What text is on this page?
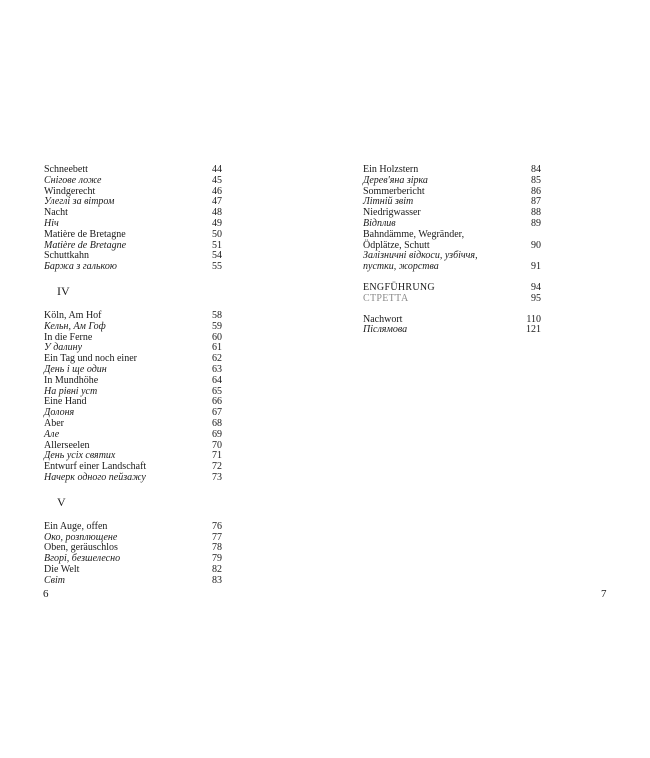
Schneebett	44
Сніговe ложе	45
Windgerecht	46
Улеглі за вітром	47
Nacht	48
Ніч	49
Matière de Bretagne	50
Matière de Bretagne	51
Schuttkahn	54
Баржа з галькою	55
IV
Köln, Am Hof	58
Кельн, Ам Гоф	59
In die Ferne	60
У далину	61
Ein Tag und noch einer	62
День і ще один	63
In Mundhöhe	64
На рівні уст	65
Eine Hand	66
Долоня	67
Aber	68
Але	69
Allerseelen	70
День усіх святих	71
Entwurf einer Landschaft	72
Начерк одного пейзажу	73
V
Ein Auge, offen	76
Око, розплющене	77
Oben, geräuschlos	78
Вгорі, безшелесно	79
Die Welt	82
Світ	83
6
Ein Holzstern	84
Дерев'яна зірка	85
Sommerbericht	86
Літній звіт	87
Niedrigwasser	88
Відплив	89
Bahndämme, Wegränder, Ödplätze, Schutt	90
Залізничні відкоси, узбіччя, пустки, жорства	91
ENGFÜHRUNG	94
СТРЕТТА	95
Nachwort	110
Післямова	121
7
